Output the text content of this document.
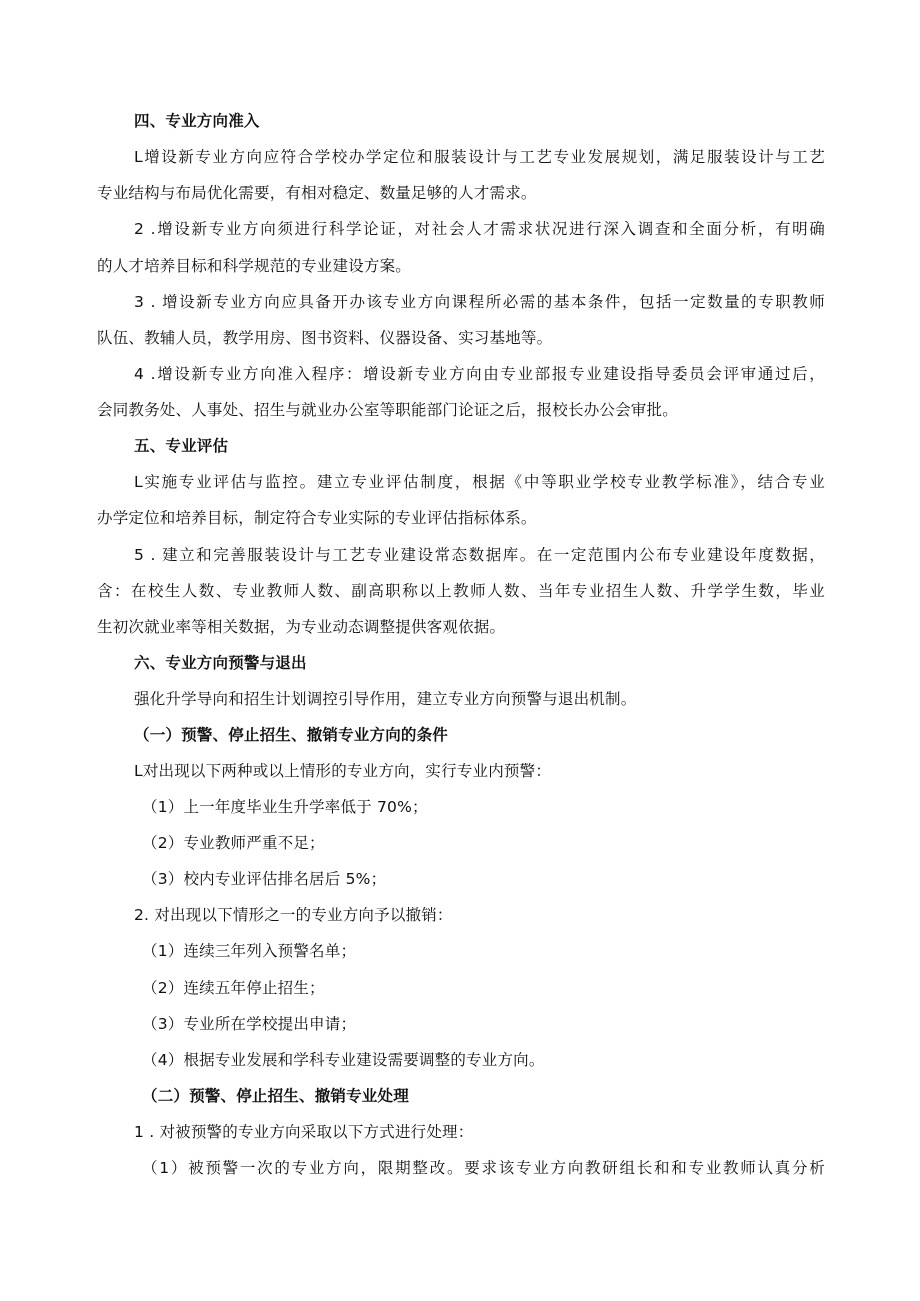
四、专业方向准入
L增设新专业方向应符合学校办学定位和服装设计与工艺专业发展规划，满足服装设计与工艺
专业结构与布局优化需要，有相对稳定、数量足够的人才需求。
2 .增设新专业方向须进行科学论证，对社会人才需求状况进行深入调查和全面分析，有明确
的人才培养目标和科学规范的专业建设方案。
3 . 增设新专业方向应具备开办该专业方向课程所必需的基本条件，包括一定数量的专职教师
队伍、教辅人员，教学用房、图书资料、仪器设备、实习基地等。
4 .增设新专业方向准入程序：增设新专业方向由专业部报专业建设指导委员会评审通过后，
会同教务处、人事处、招生与就业办公室等职能部门论证之后，报校长办公会审批。
五、专业评估
L实施专业评估与监控。建立专业评估制度，根据《中等职业学校专业教学标准》，结合专业
办学定位和培养目标，制定符合专业实际的专业评估指标体系。
5 . 建立和完善服装设计与工艺专业建设常态数据库。在一定范围内公布专业建设年度数据，
含：在校生人数、专业教师人数、副高职称以上教师人数、当年专业招生人数、升学学生数，毕业
生初次就业率等相关数据，为专业动态调整提供客观依据。
六、专业方向预警与退出
强化升学导向和招生计划调控引导作用，建立专业方向预警与退出机制。
（一）预警、停止招生、撤销专业方向的条件
L对出现以下两种或以上情形的专业方向，实行专业内预警：
（1）上一年度毕业生升学率低于 70%；
（2）专业教师严重不足；
（3）校内专业评估排名居后 5%；
2. 对出现以下情形之一的专业方向予以撤销：
（1）连续三年列入预警名单；
（2）连续五年停止招生；
（3）专业所在学校提出申请；
（4）根据专业发展和学科专业建设需要调整的专业方向。
（二）预警、停止招生、撤销专业处理
1 . 对被预警的专业方向采取以下方式进行处理：
（1）被预警一次的专业方向，限期整改。要求该专业方向教研组长和和专业教师认真分析
